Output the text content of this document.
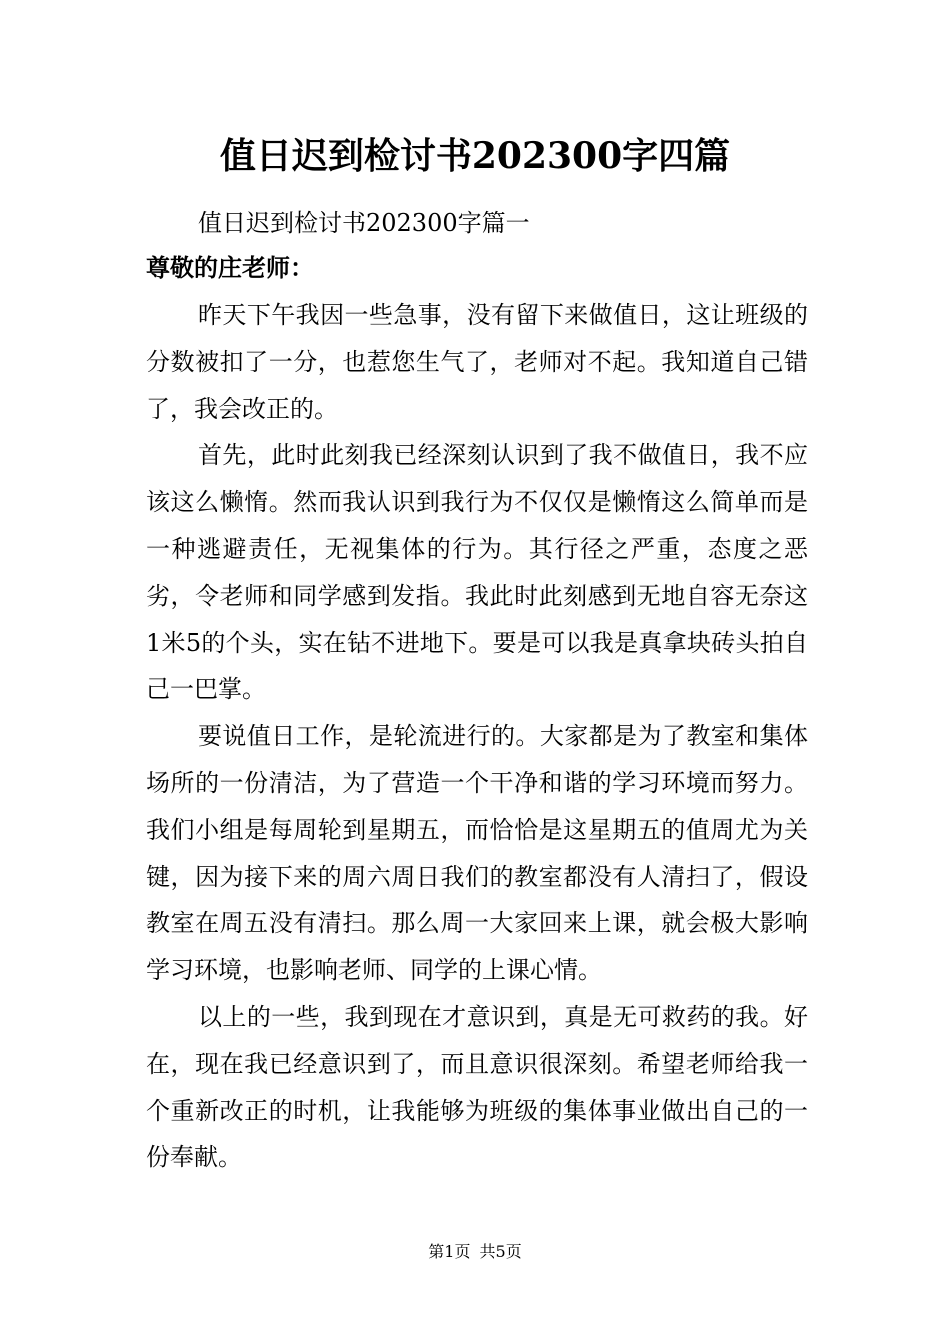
值日迟到检讨书202300字四篇

值日迟到检讨书202300字篇一

尊敬的庄老师：

昨天下午我因一些急事，没有留下来做值日，这让班级的分数被扣了一分，也惹您生气了，老师对不起。我知道自己错了，我会改正的。

首先，此时此刻我已经深刻认识到了我不做值日，我不应该这么懒惰。然而我认识到我行为不仅仅是懒惰这么简单而是一种逃避责任，无视集体的行为。其行径之严重，态度之恶劣，令老师和同学感到发指。我此时此刻感到无地自容无奈这1米5的个头，实在钻不进地下。要是可以我是真拿块砖头拍自己一巴掌。

要说值日工作，是轮流进行的。大家都是为了教室和集体场所的一份清洁，为了营造一个干净和谐的学习环境而努力。我们小组是每周轮到星期五，而恰恰是这星期五的值周尤为关键，因为接下来的周六周日我们的教室都没有人清扫了，假设教室在周五没有清扫。那么周一大家回来上课，就会极大影响学习环境，也影响老师、同学的上课心情。

以上的一些，我到现在才意识到，真是无可救药的我。好在，现在我已经意识到了，而且意识很深刻。希望老师给我一个重新改正的时机，让我能够为班级的集体事业做出自己的一份奉献。

第1页 共5页
